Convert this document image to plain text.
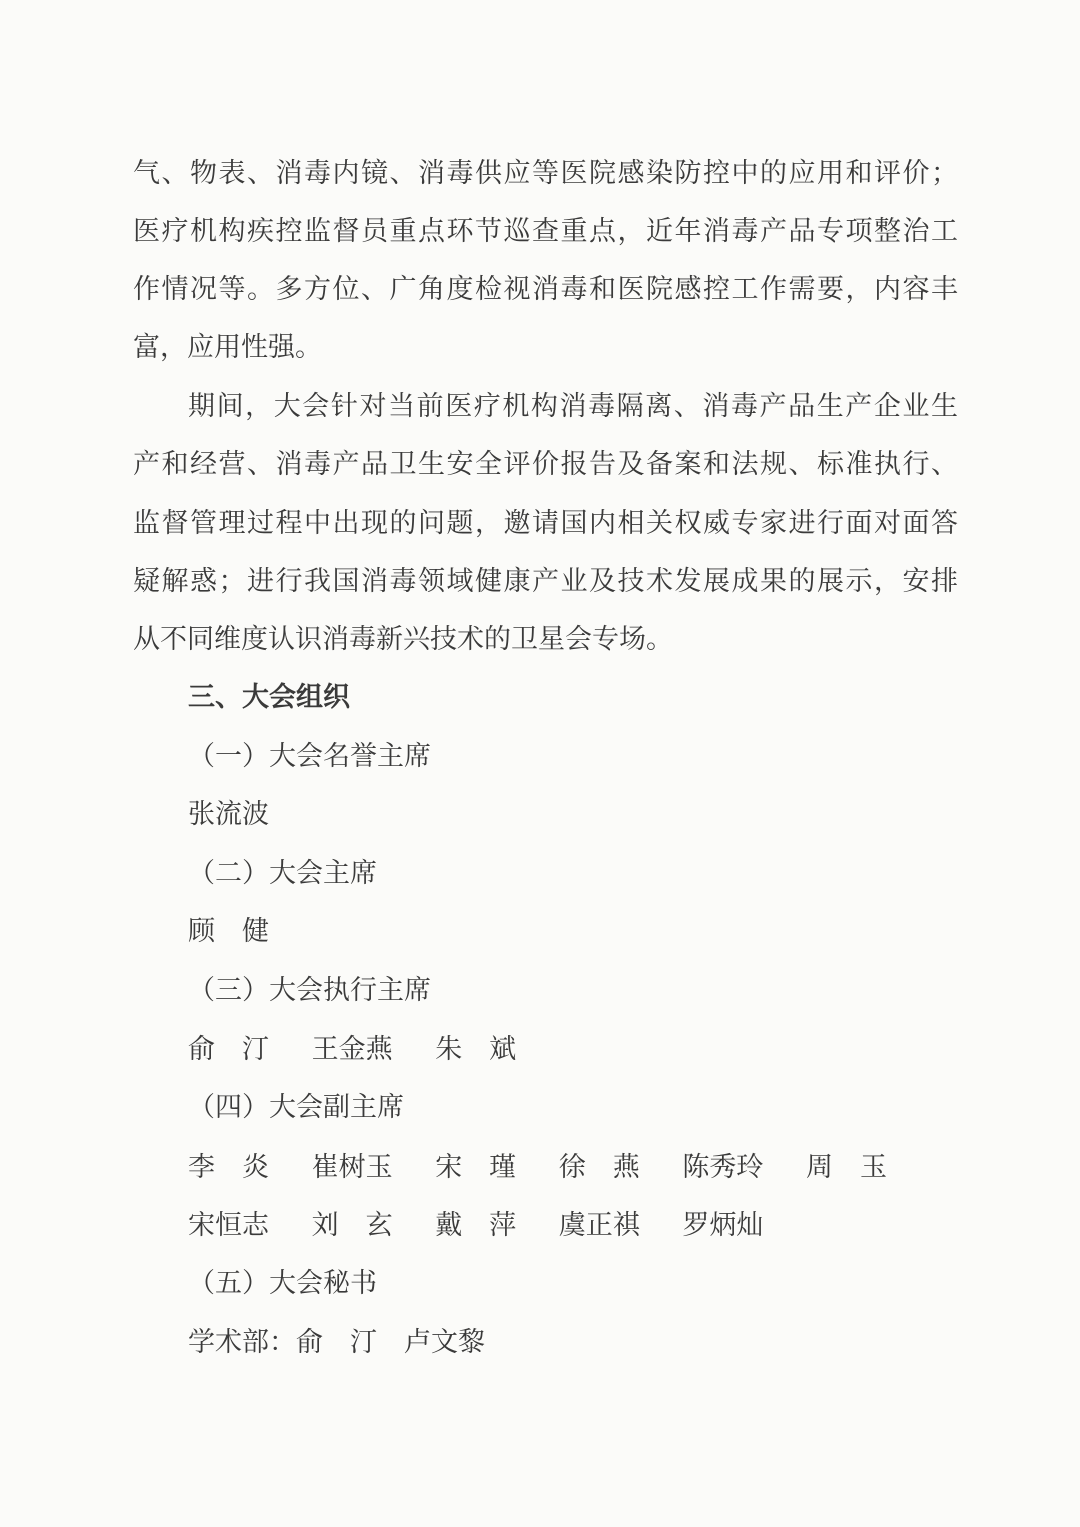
气、物表、消毒内镜、消毒供应等医院感染防控中的应用和评价；
医疗机构疾控监督员重点环节巡查重点，近年消毒产品专项整治工
作情况等。多方位、广角度检视消毒和医院感控工作需要，内容丰
富，应用性强。
期间，大会针对当前医疗机构消毒隔离、消毒产品生产企业生
产和经营、消毒产品卫生安全评价报告及备案和法规、标准执行、
监督管理过程中出现的问题，邀请国内相关权威专家进行面对面答
疑解惑；进行我国消毒领域健康产业及技术发展成果的展示，安排
从不同维度认识消毒新兴技术的卫星会专场。
三、大会组织
（一）大会名誉主席
张流波
（二）大会主席
顾　健
（三）大会执行主席
俞　汀 王金燕 朱　斌
（四）大会副主席
李　炎 崔树玉 宋　瑾 徐　燕 陈秀玲 周　玉
宋恒志 刘　玄 戴　萍 虞正祺 罗炳灿
（五）大会秘书
学术部：俞　汀　卢文黎
